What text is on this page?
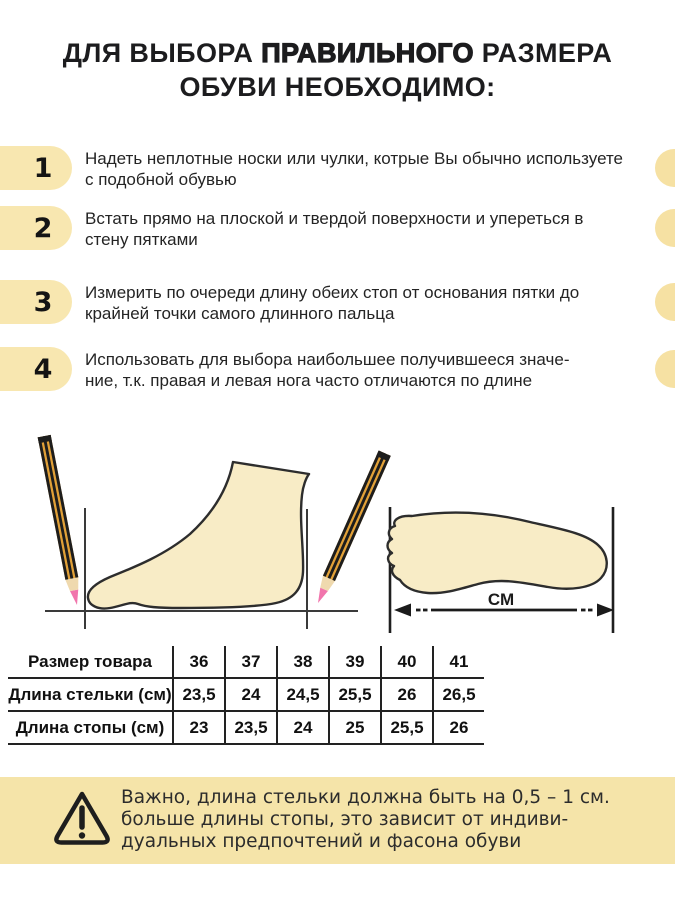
ДЛЯ ВЫБОРА ПРАВИЛЬНОГО РАЗМЕРА
ОБУВИ НЕОБХОДИМО:
1 Надеть неплотные носки или чулки, котрые Вы обычно используете
с подобной обувью
2 Встать прямо на плоской и твердой поверхности и упереться в
стену пятками
3 Измерить по очереди длину обеих стоп от основания пятки до
крайней точки самого длинного пальца
4 Использовать для выбора наибольшее получившееся значе-
ние, т.к. правая и левая нога часто отличаются по длине
СМ
Размер товара	36	37	38	39	40	41
Длина стельки (см)	23,5	24	24,5	25,5	26	26,5
Длина стопы (см)	23	23,5	24	25	25,5	26
Важно, длина стельки должна быть на 0,5 – 1 см.
больше длины стопы, это зависит от индиви-
дуальных предпочтений и фасона обуви
